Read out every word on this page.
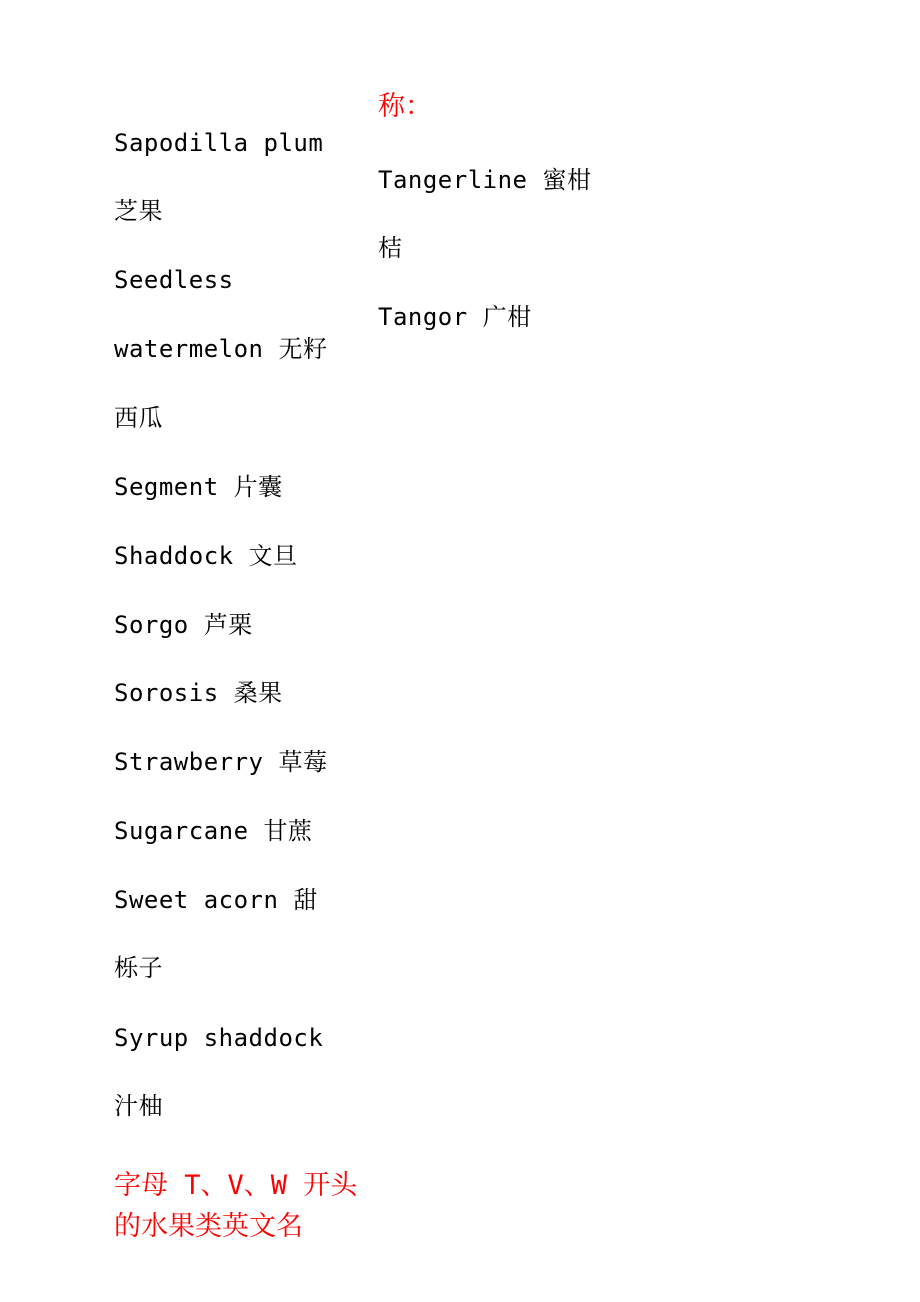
Sapodilla plum
芝果
Seedless
watermelon 无籽
西瓜
Segment 片囊
Shaddock 文旦
Sorgo 芦栗
Sorosis 桑果
Strawberry 草莓
Sugarcane 甘蔗
Sweet acorn 甜
栎子
Syrup shaddock
汁柚
字母 T、V、W 开头
的水果类英文名
称：
Tangerline 蜜柑
桔
Tangor 广柑
